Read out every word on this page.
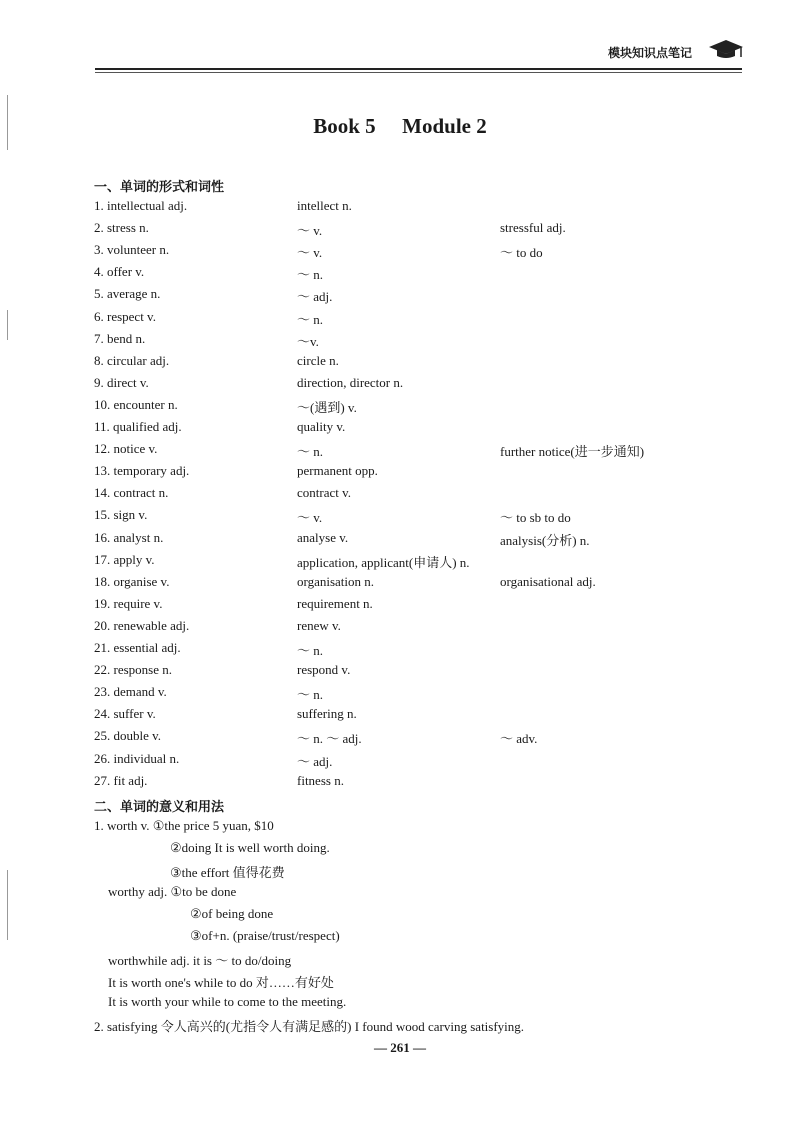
模块知识点笔记
Book 5 Module 2
一、单词的形式和词性
1. intellectual adj.	intellect n.
2. stress n.	～ v.	stressful adj.
3. volunteer n.	～ v.	～ to do
4. offer v.	～ n.
5. average n.	～ adj.
6. respect v.	～ n.
7. bend n.	～v.
8. circular adj.	circle n.
9. direct v.	direction, director n.
10. encounter n.	～(遇到) v.
11. qualified adj.	quality v.
12. notice v.	～ n.	further notice(进一步通知)
13. temporary adj.	permanent opp.
14. contract n.	contract v.
15. sign v.	～ v.	～ to sb to do
16. analyst n.	analyse v.	analysis(分析) n.
17. apply v.	application, applicant(申请人) n.
18. organise v.	organisation n.	organisational adj.
19. require v.	requirement n.
20. renewable adj.	renew v.
21. essential adj.	～ n.
22. response n.	respond v.
23. demand v.	～ n.
24. suffer v.	suffering n.
25. double v.	～ n. ～ adj.	～ adv.
26. individual n.	～ adj.
27. fit adj.	fitness n.
二、单词的意义和用法
1. worth v. ①the price 5 yuan, $10
②doing It is well worth doing.
③the effort 值得花费
worthy adj. ①to be done
②of being done
③of+n. (praise/trust/respect)
worthwhile adj. it is ～ to do/doing
It is worth one's while to do 对……有好处
It is worth your while to come to the meeting.
2. satisfying 令人高兴的(尤指令人有满足感的) I found wood carving satisfying.
— 261 —
